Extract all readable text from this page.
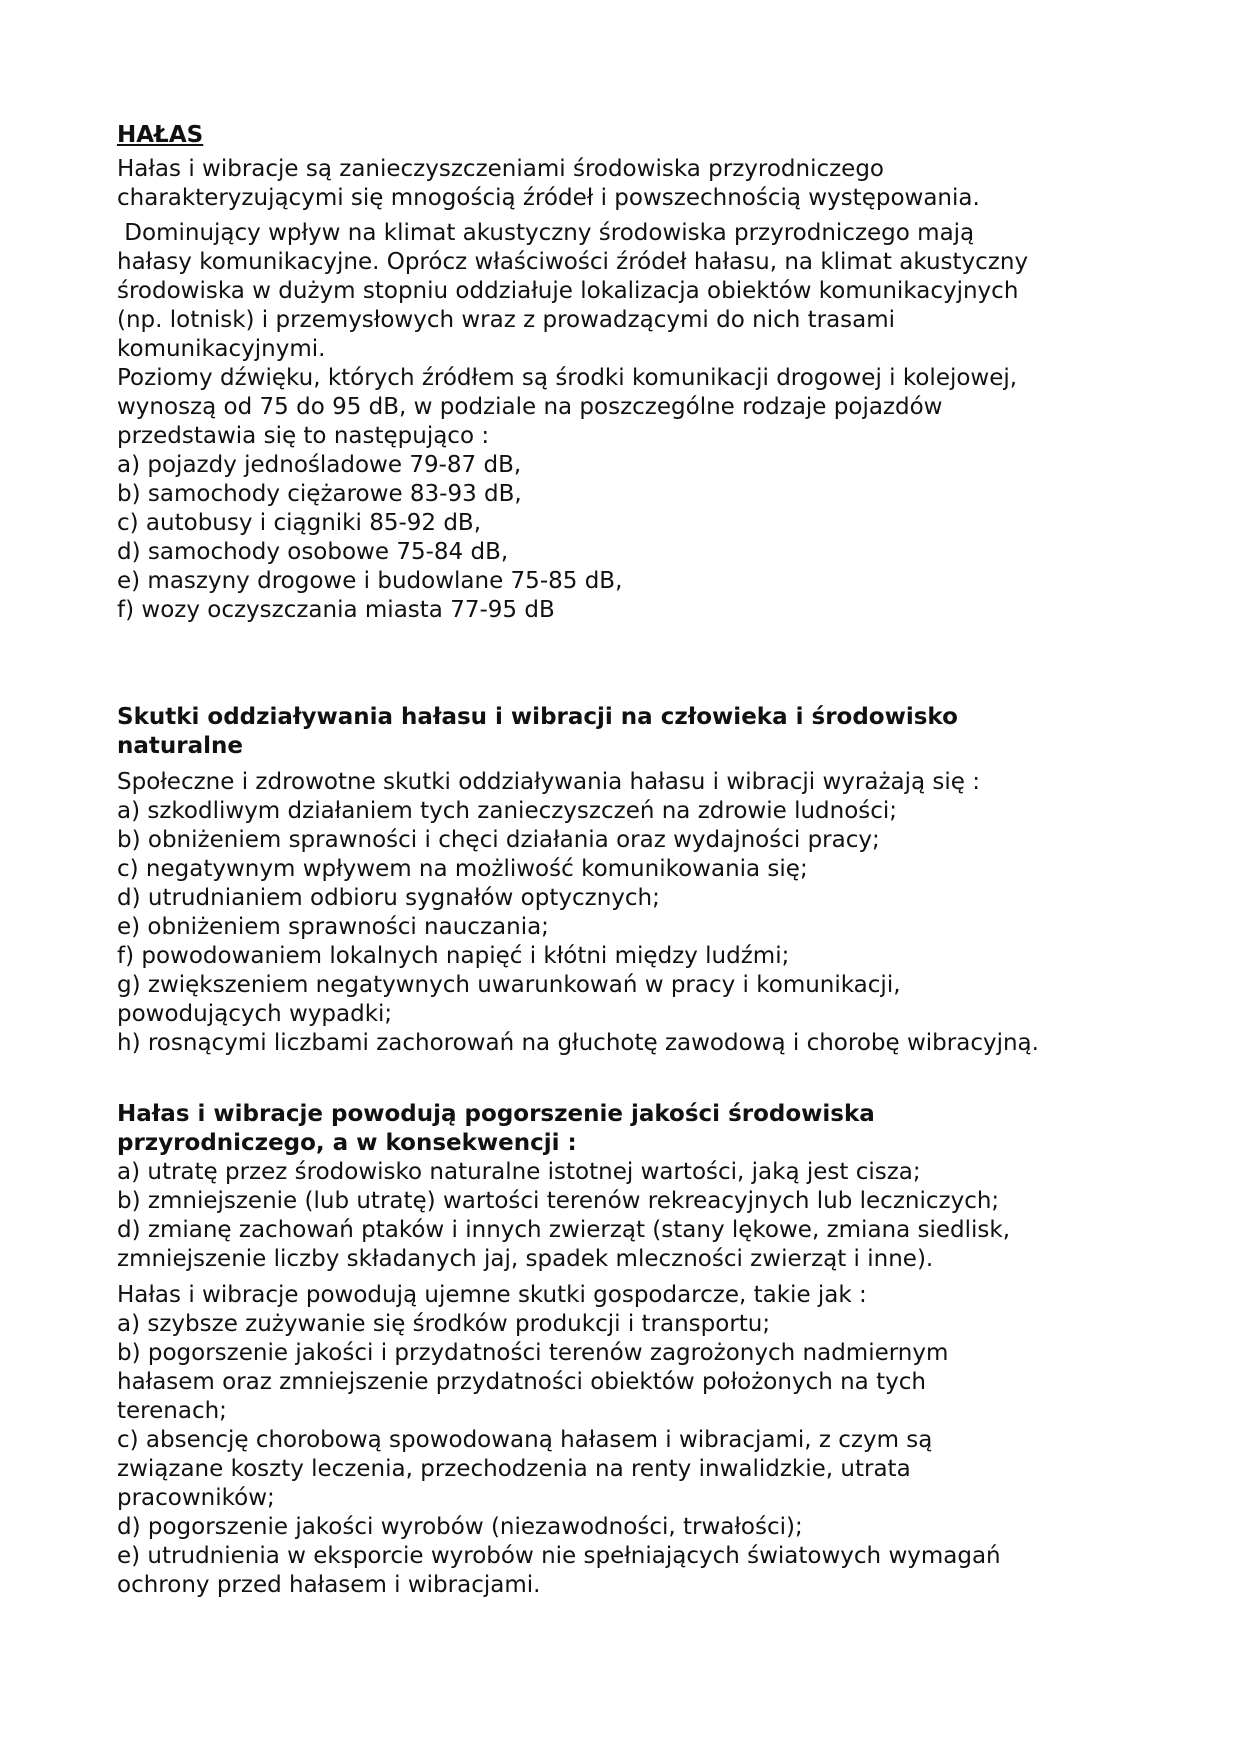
HAŁAS
Hałas i wibracje są zanieczyszczeniami środowiska przyrodniczego
charakteryzującymi się mnogością źródeł i powszechnością występowania.
Dominujący wpływ na klimat akustyczny środowiska przyrodniczego mają
hałasy komunikacyjne. Oprócz właściwości źródeł hałasu, na klimat akustyczny
środowiska w dużym stopniu oddziałuje lokalizacja obiektów komunikacyjnych
(np. lotnisk) i przemysłowych wraz z prowadzącymi do nich trasami
komunikacyjnymi.
Poziomy dźwięku, których źródłem są środki komunikacji drogowej i kolejowej,
wynoszą od 75 do 95 dB, w podziale na poszczególne rodzaje pojazdów
przedstawia się to następująco :
a) pojazdy jednośladowe 79-87 dB,
b) samochody ciężarowe 83-93 dB,
c) autobusy i ciągniki 85-92 dB,
d) samochody osobowe 75-84 dB,
e) maszyny drogowe i budowlane 75-85 dB,
f) wozy oczyszczania miasta 77-95 dB
Skutki oddziaływania hałasu i wibracji na człowieka i środowisko
naturalne
Społeczne i zdrowotne skutki oddziaływania hałasu i wibracji wyrażają się :
a) szkodliwym działaniem tych zanieczyszczeń na zdrowie ludności;
b) obniżeniem sprawności i chęci działania oraz wydajności pracy;
c) negatywnym wpływem na możliwość komunikowania się;
d) utrudnianiem odbioru sygnałów optycznych;
e) obniżeniem sprawności nauczania;
f) powodowaniem lokalnych napięć i kłótni między ludźmi;
g) zwiększeniem negatywnych uwarunkowań w pracy i komunikacji,
powodujących wypadki;
h) rosnącymi liczbami zachorowań na głuchotę zawodową i chorobę wibracyjną.
Hałas i wibracje powodują pogorszenie jakości środowiska
przyrodniczego, a w konsekwencji :
a) utratę przez środowisko naturalne istotnej wartości, jaką jest cisza;
b) zmniejszenie (lub utratę) wartości terenów rekreacyjnych lub leczniczych;
d) zmianę zachowań ptaków i innych zwierząt (stany lękowe, zmiana siedlisk,
zmniejszenie liczby składanych jaj, spadek mleczności zwierząt i inne).
Hałas i wibracje powodują ujemne skutki gospodarcze, takie jak :
a) szybsze zużywanie się środków produkcji i transportu;
b) pogorszenie jakości i przydatności terenów zagrożonych nadmiernym
hałasem oraz zmniejszenie przydatności obiektów położonych na tych
terenach;
c) absencję chorobową spowodowaną hałasem i wibracjami, z czym są
związane koszty leczenia, przechodzenia na renty inwalidzkie, utrata
pracowników;
d) pogorszenie jakości wyrobów (niezawodności, trwałości);
e) utrudnienia w eksporcie wyrobów nie spełniających światowych wymagań
ochrony przed hałasem i wibracjami.
